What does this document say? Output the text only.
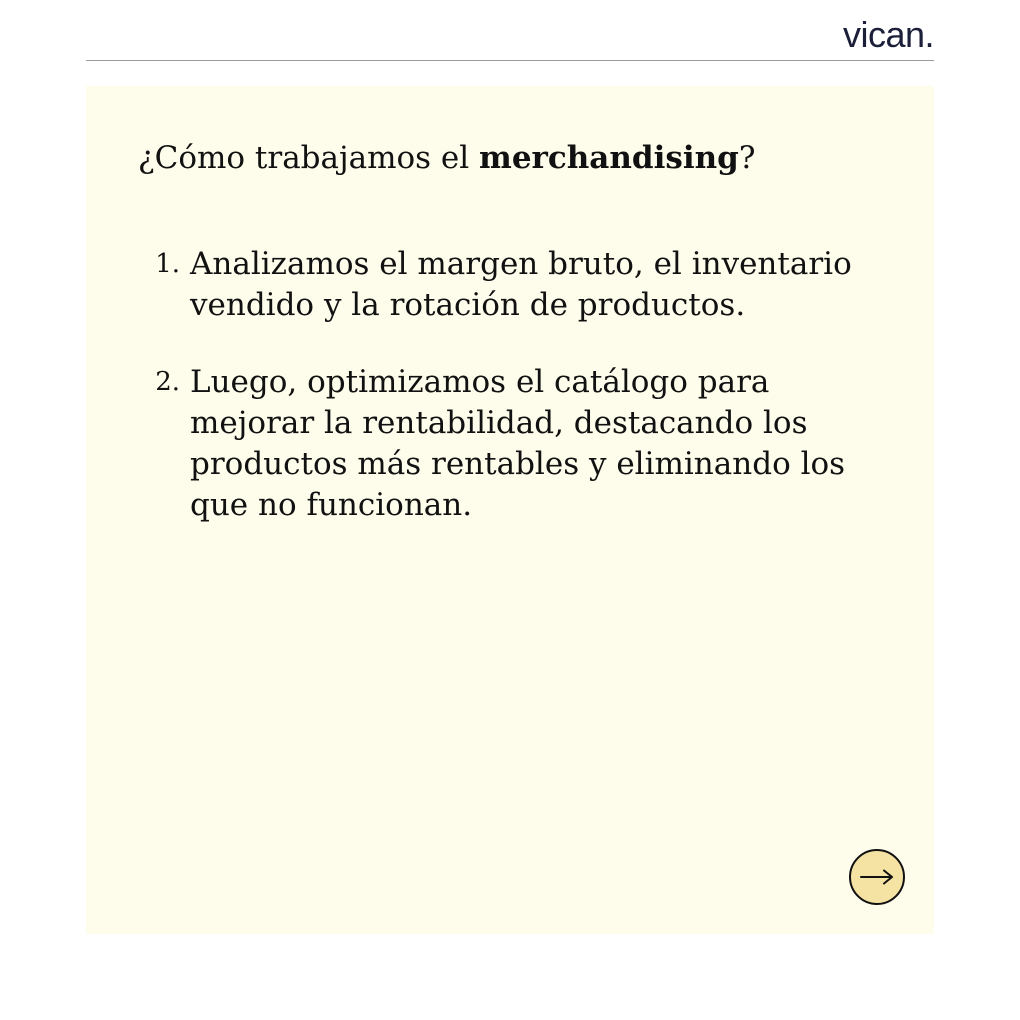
vican.
¿Cómo trabajamos el merchandising?
1. Analizamos el margen bruto, el inventario vendido y la rotación de productos.
2. Luego, optimizamos el catálogo para mejorar la rentabilidad, destacando los productos más rentables y eliminando los que no funcionan.
